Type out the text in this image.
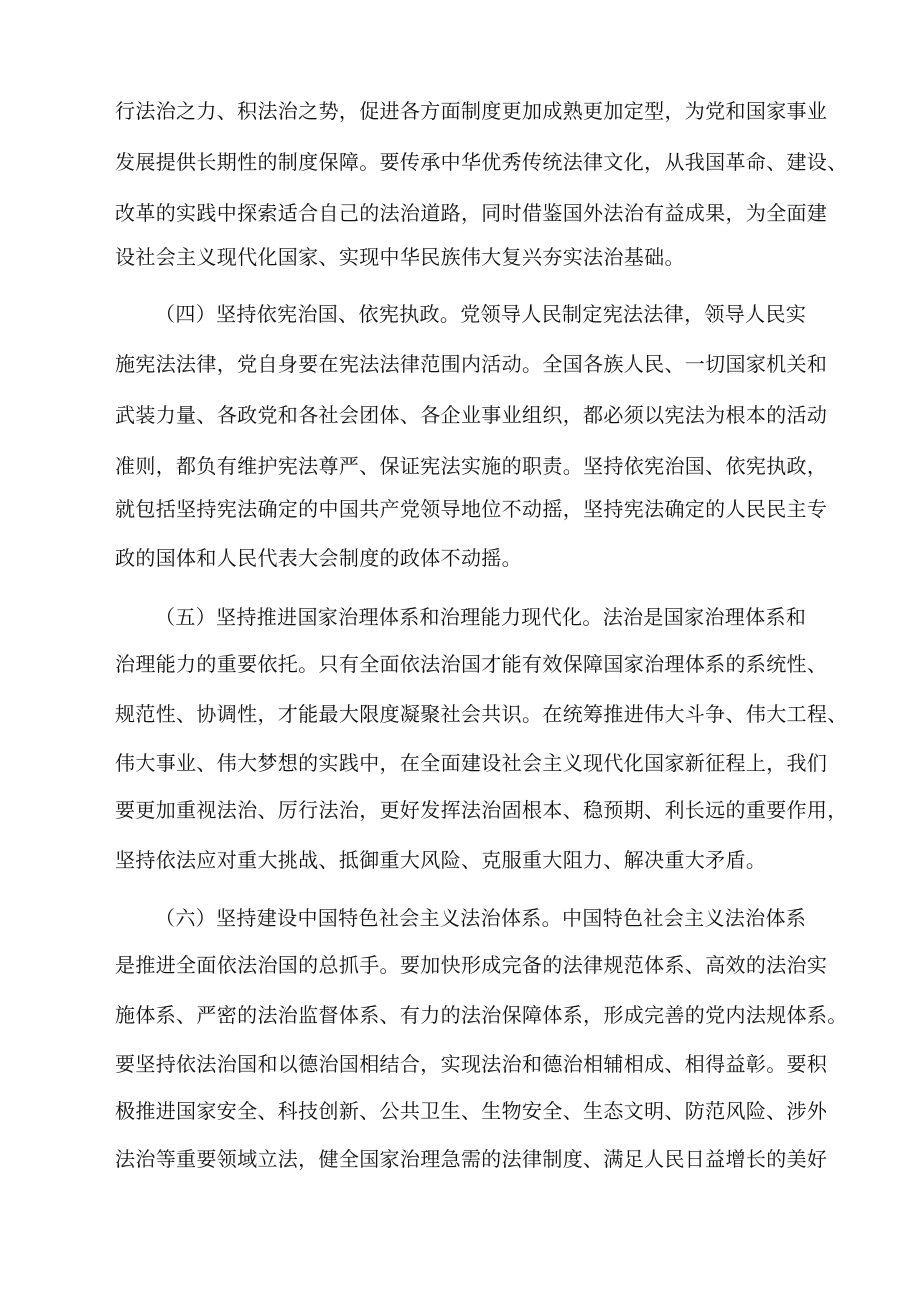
行法治之力、积法治之势，促进各方面制度更加成熟更加定型，为党和国家事业
发展提供长期性的制度保障。要传承中华优秀传统法律文化，从我国革命、建设、
改革的实践中探索适合自己的法治道路，同时借鉴国外法治有益成果，为全面建
设社会主义现代化国家、实现中华民族伟大复兴夯实法治基础。
（四）坚持依宪治国、依宪执政。党领导人民制定宪法法律，领导人民实
施宪法法律，党自身要在宪法法律范围内活动。全国各族人民、一切国家机关和
武装力量、各政党和各社会团体、各企业事业组织，都必须以宪法为根本的活动
准则，都负有维护宪法尊严、保证宪法实施的职责。坚持依宪治国、依宪执政，
就包括坚持宪法确定的中国共产党领导地位不动摇，坚持宪法确定的人民民主专
政的国体和人民代表大会制度的政体不动摇。
（五）坚持推进国家治理体系和治理能力现代化。法治是国家治理体系和
治理能力的重要依托。只有全面依法治国才能有效保障国家治理体系的系统性、
规范性、协调性，才能最大限度凝聚社会共识。在统筹推进伟大斗争、伟大工程、
伟大事业、伟大梦想的实践中，在全面建设社会主义现代化国家新征程上，我们
要更加重视法治、厉行法治，更好发挥法治固根本、稳预期、利长远的重要作用，
坚持依法应对重大挑战、抵御重大风险、克服重大阻力、解决重大矛盾。
（六）坚持建设中国特色社会主义法治体系。中国特色社会主义法治体系
是推进全面依法治国的总抓手。要加快形成完备的法律规范体系、高效的法治实
施体系、严密的法治监督体系、有力的法治保障体系，形成完善的党内法规体系。
要坚持依法治国和以德治国相结合，实现法治和德治相辅相成、相得益彰。要积
极推进国家安全、科技创新、公共卫生、生物安全、生态文明、防范风险、涉外
法治等重要领域立法，健全国家治理急需的法律制度、满足人民日益增长的美好
